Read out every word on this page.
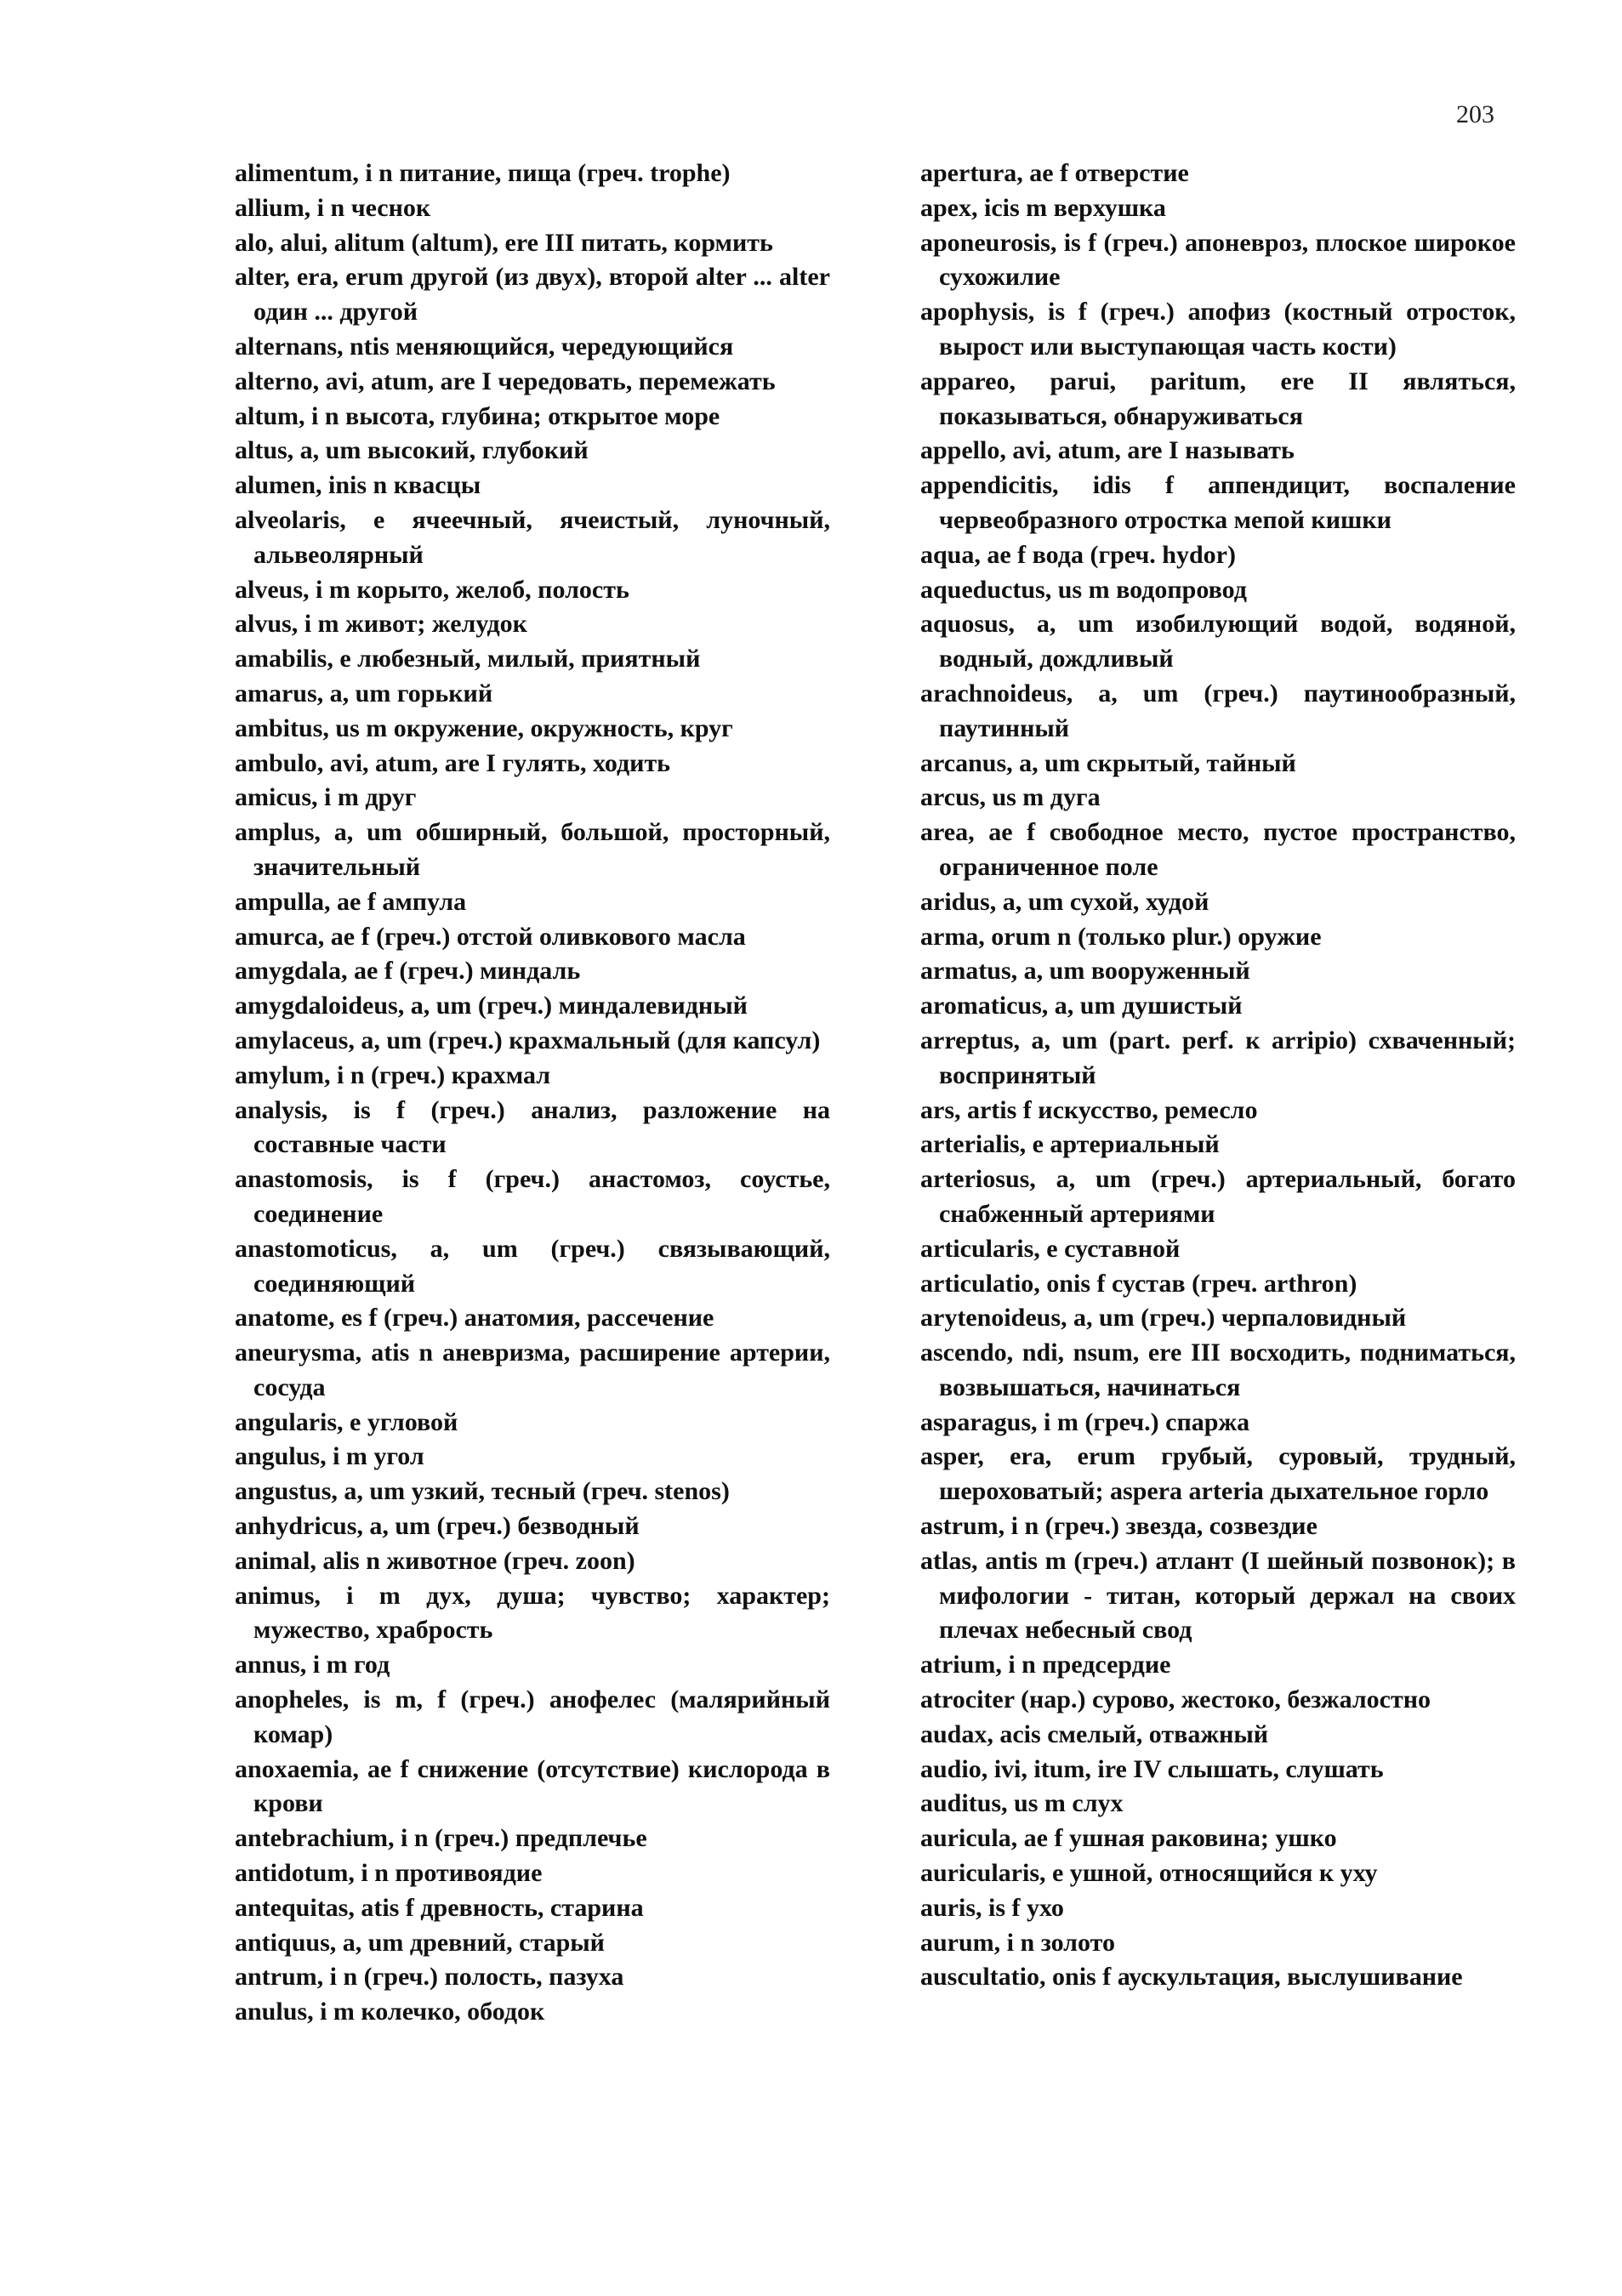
203

alimentum, i n питание, пища (греч. trophe)

allium, i n чеснок

alo, alui, alitum (altum), ere III питать, кормить

alter, era, erum другой (из двух), второй alter ... alter один ... другой

alternans, ntis меняющийся, чередующийся

alterno, avi, atum, are I чередовать, перемежать

altum, i n высота, глубина; открытое море

altus, a, um высокий, глубокий

alumen, inis n квасцы

alveolaris, e ячеечный, ячеистый, луночный, альвеолярный

alveus, i m корыто, желоб, полость

alvus, i m живот; желудок

amabilis, e любезный, милый, приятный

amarus, a, um горький

ambitus, us m окружение, окружность, круг

ambulo, avi, atum, are I гулять, ходить

amicus, i m друг

amplus, a, um обширный, большой, просторный, значительный

ampulla, ae f ампула

amurca, ae f (греч.) отстой оливкового масла

amygdala, ae f (греч.) миндаль

amygdaloideus, a, um (греч.) миндалевидный

amylaceus, a, um (греч.) крахмальный (для капсул)

amylum, i n (греч.) крахмал

analysis, is f (греч.) анализ, разложение на составные части

anastomosis, is f (греч.) анастомоз, соустье, соединение

anastomoticus, a, um (греч.) связывающий, соединяющий

anatome, es f (греч.) анатомия, рассечение

aneurysma, atis n аневризма, расширение артерии, сосуда

angularis, e угловой

angulus, i m угол

angustus, a, um узкий, тесный (греч. stenos)

anhydricus, a, um (греч.) безводный

animal, alis n животное (греч. zoon)

animus, i m дух, душа; чувство; характер; мужество, храбрость

annus, i m год

anopheles, is m, f (греч.) анофелес (малярийный комар)

anoxaemia, ae f снижение (отсутствие) кислорода в крови

antebrachium, i n (греч.) предплечье

antidotum, i n противоядие

antequitas, atis f древность, старина

antiquus, a, um древний, старый

antrum, i n (греч.) полость, пазуха

anulus, i m колечко, ободок

apertura, ae f отверстие

apex, icis m верхушка

aponeurosis, is f (греч.) апоневроз, плоское широкое сухожилие

apophysis, is f (греч.) апофиз (костный отросток, вырост или выступающая часть кости)

appareo, parui, paritum, ere II являться, показываться, обнаруживаться

appello, avi, atum, are I называть

appendicitis, idis f аппендицит, воспаление червеобразного отростка мепой кишки

aqua, ae f вода (греч. hydor)

aqueductus, us m водопровод

aquosus, a, um изобилующий водой, водяной, водный, дождливый

arachnoideus, a, um (греч.) паутинообразный, паутинный

arcanus, a, um скрытый, тайный

arcus, us m дуга

area, ae f свободное место, пустое пространство, ограниченное поле

aridus, a, um сухой, худой

arma, orum n (только plur.) оружие

armatus, a, um вооруженный

aromaticus, a, um душистый

arreptus, a, um (part. perf. к arripio) схваченный; воспринятый

ars, artis f искусство, ремесло

arterialis, e артериальный

arteriosus, a, um (греч.) артериальный, богато снабженный артериями

articularis, e суставной

articulatio, onis f сустав (греч. arthron)

arytenoideus, a, um (греч.) черпаловидный

ascendo, ndi, nsum, ere III восходить, подниматься, возвышаться, начинаться

asparagus, i m (греч.) спаржа

asper, era, erum грубый, суровый, трудный, шероховатый; aspera arteria дыхательное горло

astrum, i n (греч.) звезда, созвездие

atlas, antis m (греч.) атлант (I шейный позвонок); в мифологии - титан, который держал на своих плечах небесный свод

atrium, i n предсердие

atrociter (нар.) сурово, жестоко, безжалостно

audax, acis смелый, отважный

audio, ivi, itum, ire IV слышать, слушать

auditus, us m слух

auricula, ae f ушная раковина; ушко

auricularis, e ушной, относящийся к уху

auris, is f ухо

aurum, i n золото

auscultatio, onis f аускультация, выслушивание
